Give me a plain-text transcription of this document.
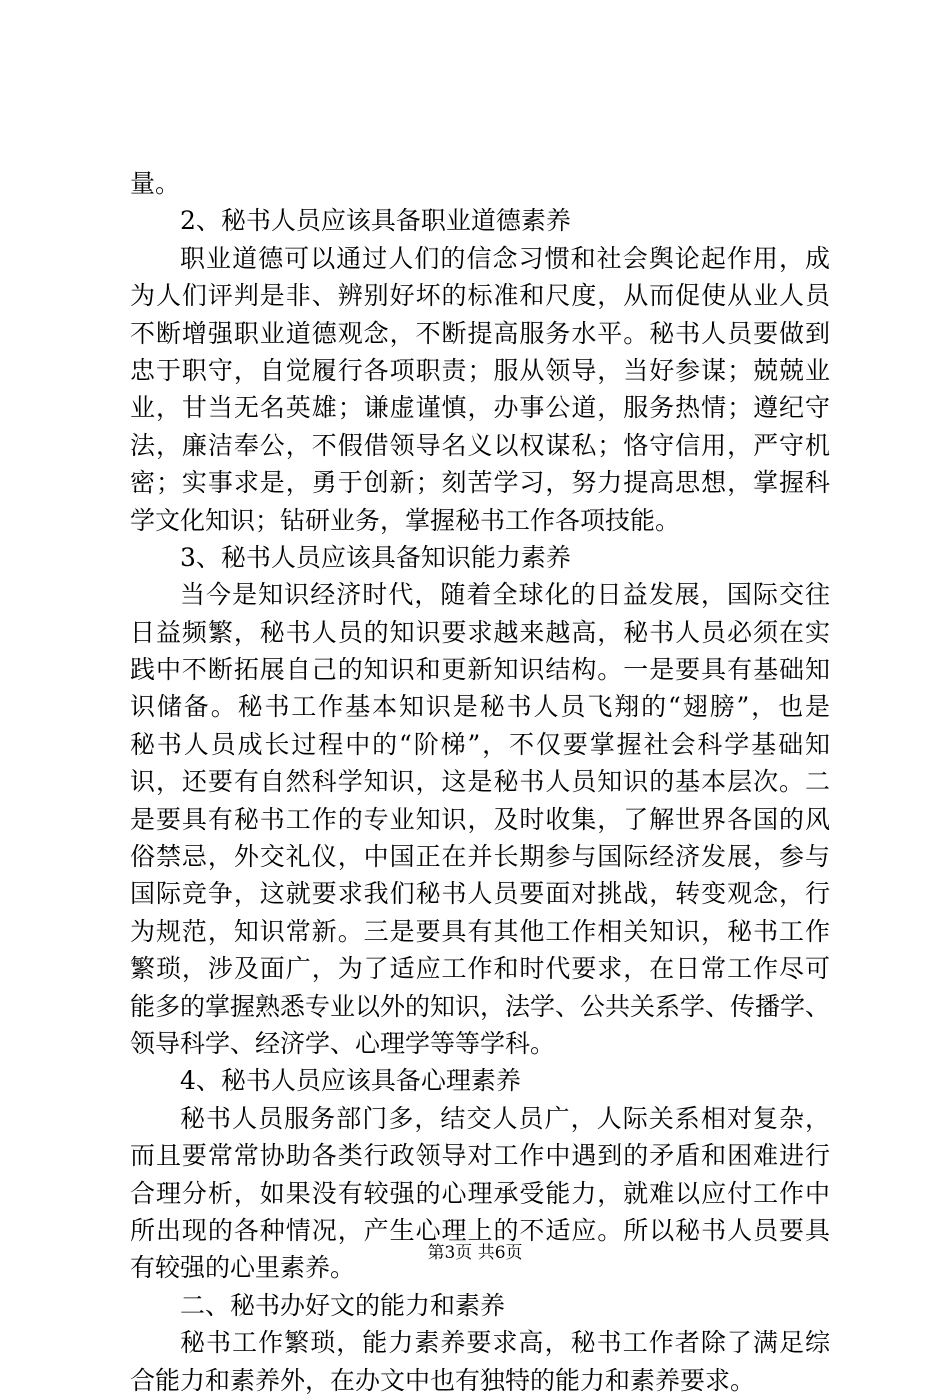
量。
2、秘书人员应该具备职业道德素养
职业道德可以通过人们的信念习惯和社会舆论起作用，成
为人们评判是非、辨别好坏的标准和尺度，从而促使从业人员
不断增强职业道德观念，不断提高服务水平。秘书人员要做到
忠于职守，自觉履行各项职责；服从领导，当好参谋；兢兢业
业，甘当无名英雄；谦虚谨慎，办事公道，服务热情；遵纪守
法，廉洁奉公，不假借领导名义以权谋私；恪守信用，严守机
密；实事求是，勇于创新；刻苦学习，努力提高思想，掌握科
学文化知识；钻研业务，掌握秘书工作各项技能。
3、秘书人员应该具备知识能力素养
当今是知识经济时代，随着全球化的日益发展，国际交往
日益频繁，秘书人员的知识要求越来越高，秘书人员必须在实
践中不断拓展自己的知识和更新知识结构。一是要具有基础知
识储备。秘书工作基本知识是秘书人员飞翔的“翅膀”，也是
秘书人员成长过程中的“阶梯”，不仅要掌握社会科学基础知
识，还要有自然科学知识，这是秘书人员知识的基本层次。二
是要具有秘书工作的专业知识，及时收集，了解世界各国的风
俗禁忌，外交礼仪，中国正在并长期参与国际经济发展，参与
国际竞争，这就要求我们秘书人员要面对挑战，转变观念，行
为规范，知识常新。三是要具有其他工作相关知识，秘书工作
繁琐，涉及面广，为了适应工作和时代要求，在日常工作尽可
能多的掌握熟悉专业以外的知识，法学、公共关系学、传播学、
领导科学、经济学、心理学等等学科。
4、秘书人员应该具备心理素养
秘书人员服务部门多，结交人员广，人际关系相对复杂，
而且要常常协助各类行政领导对工作中遇到的矛盾和困难进行
合理分析，如果没有较强的心理承受能力，就难以应付工作中
所出现的各种情况，产生心理上的不适应。所以秘书人员要具
有较强的心里素养。
二、秘书办好文的能力和素养
秘书工作繁琐，能力素养要求高，秘书工作者除了满足综
合能力和素养外，在办文中也有独特的能力和素养要求。
第3页 共6页
